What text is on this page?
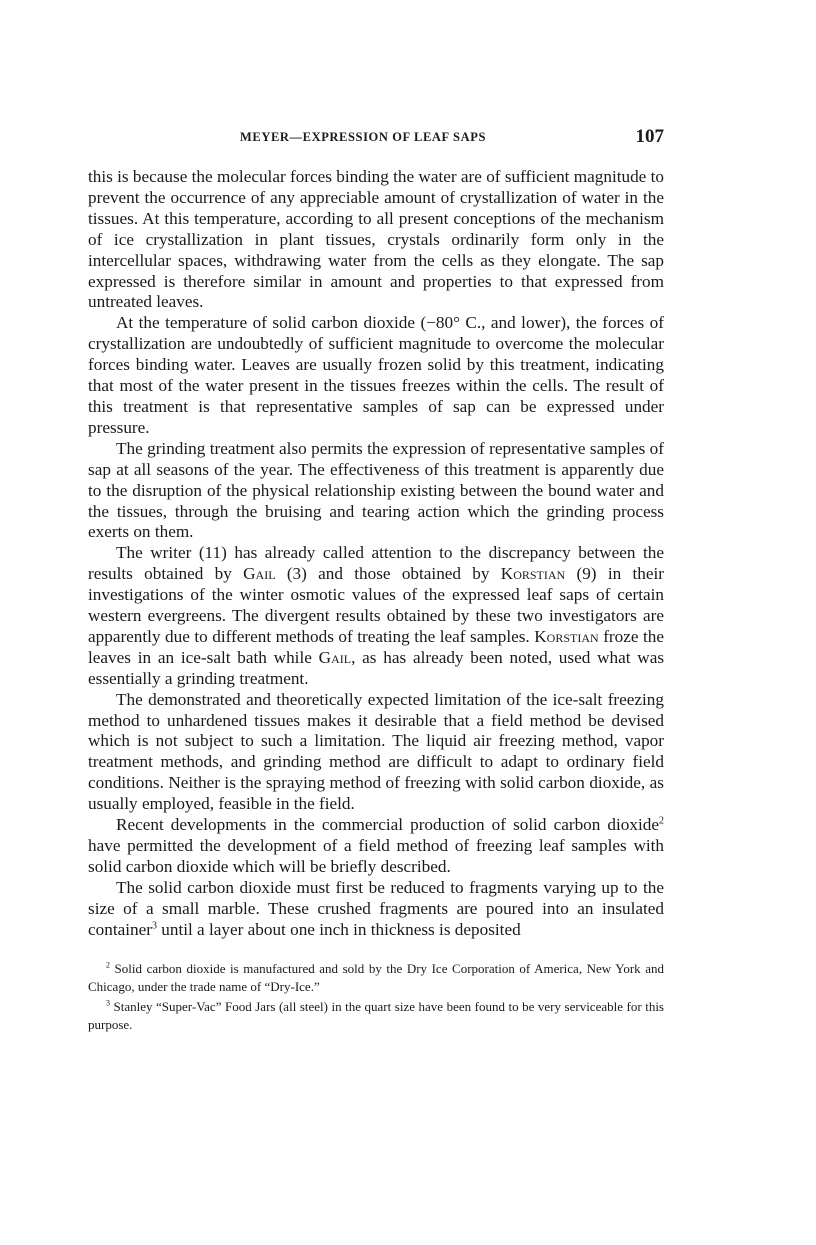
MEYER—EXPRESSION OF LEAF SAPS	107

this is because the molecular forces binding the water are of sufficient magnitude to prevent the occurrence of any appreciable amount of crystallization of water in the tissues. At this temperature, according to all present conceptions of the mechanism of ice crystallization in plant tissues, crystals ordinarily form only in the intercellular spaces, withdrawing water from the cells as they elongate. The sap expressed is therefore similar in amount and properties to that expressed from untreated leaves.

At the temperature of solid carbon dioxide (−80° C., and lower), the forces of crystallization are undoubtedly of sufficient magnitude to overcome the molecular forces binding water. Leaves are usually frozen solid by this treatment, indicating that most of the water present in the tissues freezes within the cells. The result of this treatment is that representative samples of sap can be expressed under pressure.

The grinding treatment also permits the expression of representative samples of sap at all seasons of the year. The effectiveness of this treatment is apparently due to the disruption of the physical relationship existing between the bound water and the tissues, through the bruising and tearing action which the grinding process exerts on them.

The writer (11) has already called attention to the discrepancy between the results obtained by Gail (3) and those obtained by Korstian (9) in their investigations of the winter osmotic values of the expressed leaf saps of certain western evergreens. The divergent results obtained by these two investigators are apparently due to different methods of treating the leaf samples. Korstian froze the leaves in an ice-salt bath while Gail, as has already been noted, used what was essentially a grinding treatment.

The demonstrated and theoretically expected limitation of the ice-salt freezing method to unhardened tissues makes it desirable that a field method be devised which is not subject to such a limitation. The liquid air freezing method, vapor treatment methods, and grinding method are difficult to adapt to ordinary field conditions. Neither is the spraying method of freezing with solid carbon dioxide, as usually employed, feasible in the field.

Recent developments in the commercial production of solid carbon dioxide$^2$ have permitted the development of a field method of freezing leaf samples with solid carbon dioxide which will be briefly described.

The solid carbon dioxide must first be reduced to fragments varying up to the size of a small marble. These crushed fragments are poured into an insulated container$^3$ until a layer about one inch in thickness is deposited

$^2$ Solid carbon dioxide is manufactured and sold by the Dry Ice Corporation of America, New York and Chicago, under the trade name of “Dry-Ice.”

$^3$ Stanley “Super-Vac” Food Jars (all steel) in the quart size have been found to be very serviceable for this purpose.
